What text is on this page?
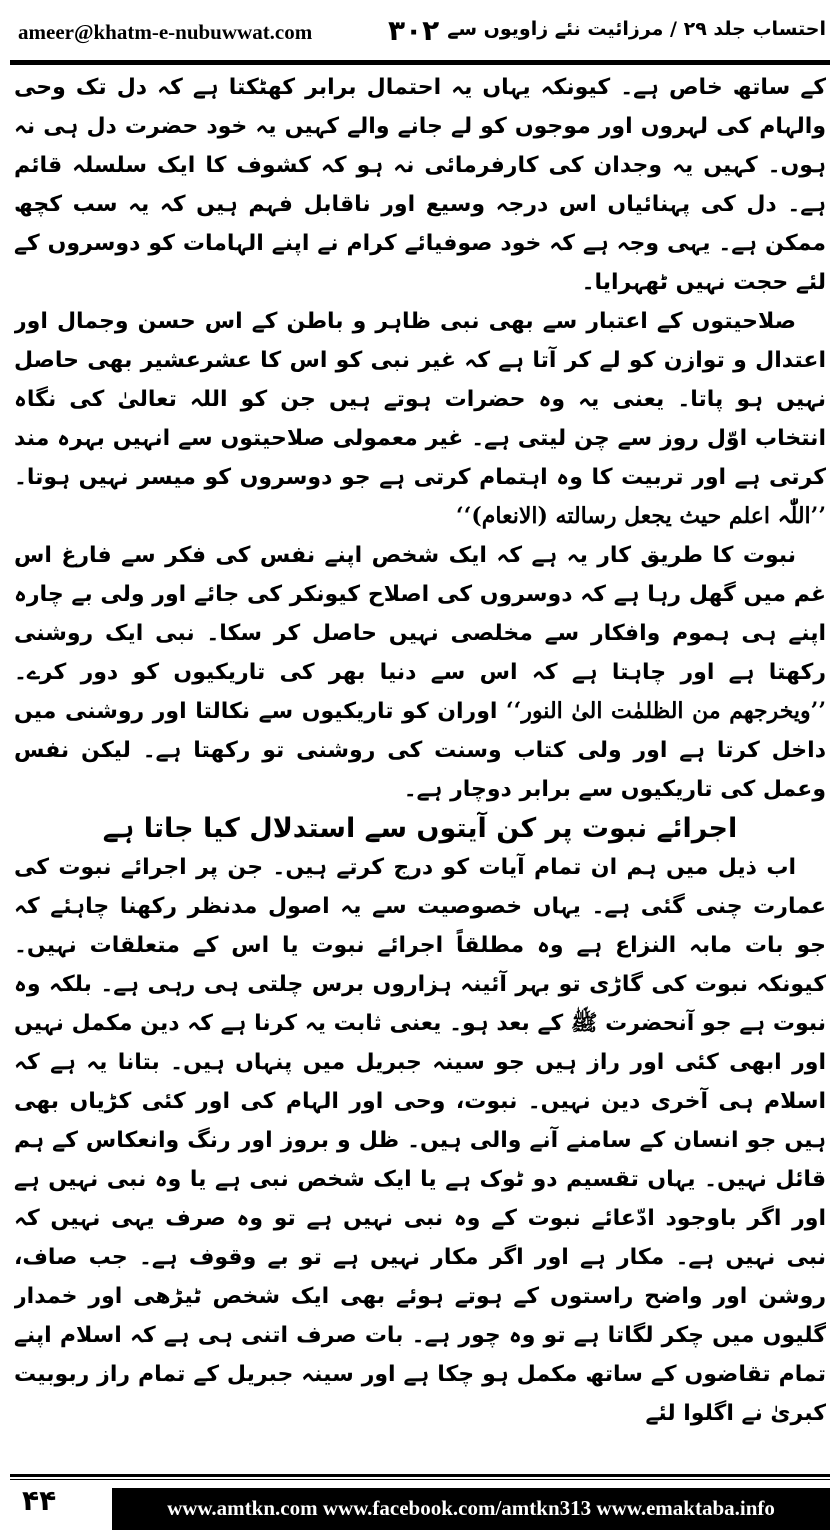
ameer@khatm-e-nubuwwat.com	۳۰۲ احتساب جلد ۲۹ / مرزائیت نئے زاویوں سے

کے ساتھ خاص ہے۔ کیونکہ یہاں یہ احتمال برابر کھٹکتا ہے کہ دل تک وحی والہام کی لہروں اور موجوں کو لے جانے والے کہیں یہ خود حضرت دل ہی نہ ہوں۔ کہیں یہ وجدان کی کارفرمائی نہ ہو کہ کشوف کا ایک سلسلہ قائم ہے۔ دل کی پہنائیاں اس درجہ وسیع اور ناقابل فہم ہیں کہ یہ سب کچھ ممکن ہے۔ یہی وجہ ہے کہ خود صوفیائے کرام نے اپنے الہامات کو دوسروں کے لئے حجت نہیں ٹھہرایا۔

صلاحیتوں کے اعتبار سے بھی نبی ظاہر و باطن کے اس حسن وجمال اور اعتدال و توازن کو لے کر آتا ہے کہ غیر نبی کو اس کا عشرعشیر بھی حاصل نہیں ہو پاتا۔ یعنی یہ وہ حضرات ہوتے ہیں جن کو اللہ تعالیٰ کی نگاہ انتخاب اوّل روز سے چن لیتی ہے۔ غیر معمولی صلاحیتوں سے انہیں بہرہ مند کرتی ہے اور تربیت کا وہ اہتمام کرتی ہے جو دوسروں کو میسر نہیں ہوتا۔ ’’اللّٰہ اعلم حیث یجعل رسالته (الانعام)‘‘

نبوت کا طریق کار یہ ہے کہ ایک شخص اپنے نفس کی فکر سے فارغ اس غم میں گھل رہا ہے کہ دوسروں کی اصلاح کیونکر کی جائے اور ولی بے چارہ اپنے ہی ہموم وافکار سے مخلصی نہیں حاصل کر سکا۔ نبی ایک روشنی رکھتا ہے اور چاہتا ہے کہ اس سے دنیا بھر کی تاریکیوں کو دور کرے۔ ’’ویخرجھم من الظلمٰت الیٰ النور‘‘ اوران کو تاریکیوں سے نکالتا اور روشنی میں داخل کرتا ہے اور ولی کتاب وسنت کی روشنی تو رکھتا ہے۔ لیکن نفس وعمل کی تاریکیوں سے برابر دوچار ہے۔

اجرائے نبوت پر کن آیتوں سے استدلال کیا جاتا ہے

اب ذیل میں ہم ان تمام آیات کو درج کرتے ہیں۔ جن پر اجرائے نبوت کی عمارت چنی گئی ہے۔ یہاں خصوصیت سے یہ اصول مدنظر رکھنا چاہئے کہ جو بات مابہ النزاع ہے وہ مطلقاً اجرائے نبوت یا اس کے متعلقات نہیں۔ کیونکہ نبوت کی گاڑی تو بہر آئینہ ہزاروں برس چلتی ہی رہی ہے۔ بلکہ وہ نبوت ہے جو آنحضرت ﷺ کے بعد ہو۔ یعنی ثابت یہ کرنا ہے کہ دین مکمل نہیں اور ابھی کئی اور راز ہیں جو سینہ جبریل میں پنہاں ہیں۔ بتانا یہ ہے کہ اسلام ہی آخری دین نہیں۔ نبوت، وحی اور الہام کی اور کئی کڑیاں بھی ہیں جو انسان کے سامنے آنے والی ہیں۔ ظل و بروز اور رنگ وانعکاس کے ہم قائل نہیں۔ یہاں تقسیم دو ٹوک ہے یا ایک شخص نبی ہے یا وہ نبی نہیں ہے اور اگر باوجود ادّعائے نبوت کے وہ نبی نہیں ہے تو وہ صرف یہی نہیں کہ نبی نہیں ہے۔ مکار ہے اور اگر مکار نہیں ہے تو بے وقوف ہے۔ جب صاف، روشن اور واضح راستوں کے ہوتے ہوئے بھی ایک شخص ٹیڑھی اور خمدار گلیوں میں چکر لگاتا ہے تو وہ چور ہے۔ بات صرف اتنی ہی ہے کہ اسلام اپنے تمام تقاضوں کے ساتھ مکمل ہو چکا ہے اور سینہ جبریل کے تمام راز ربوبیت کبریٰ نے اگلوا لئے

۴۴	www.amtkn.com www.facebook.com/amtkn313 www.emaktaba.info
